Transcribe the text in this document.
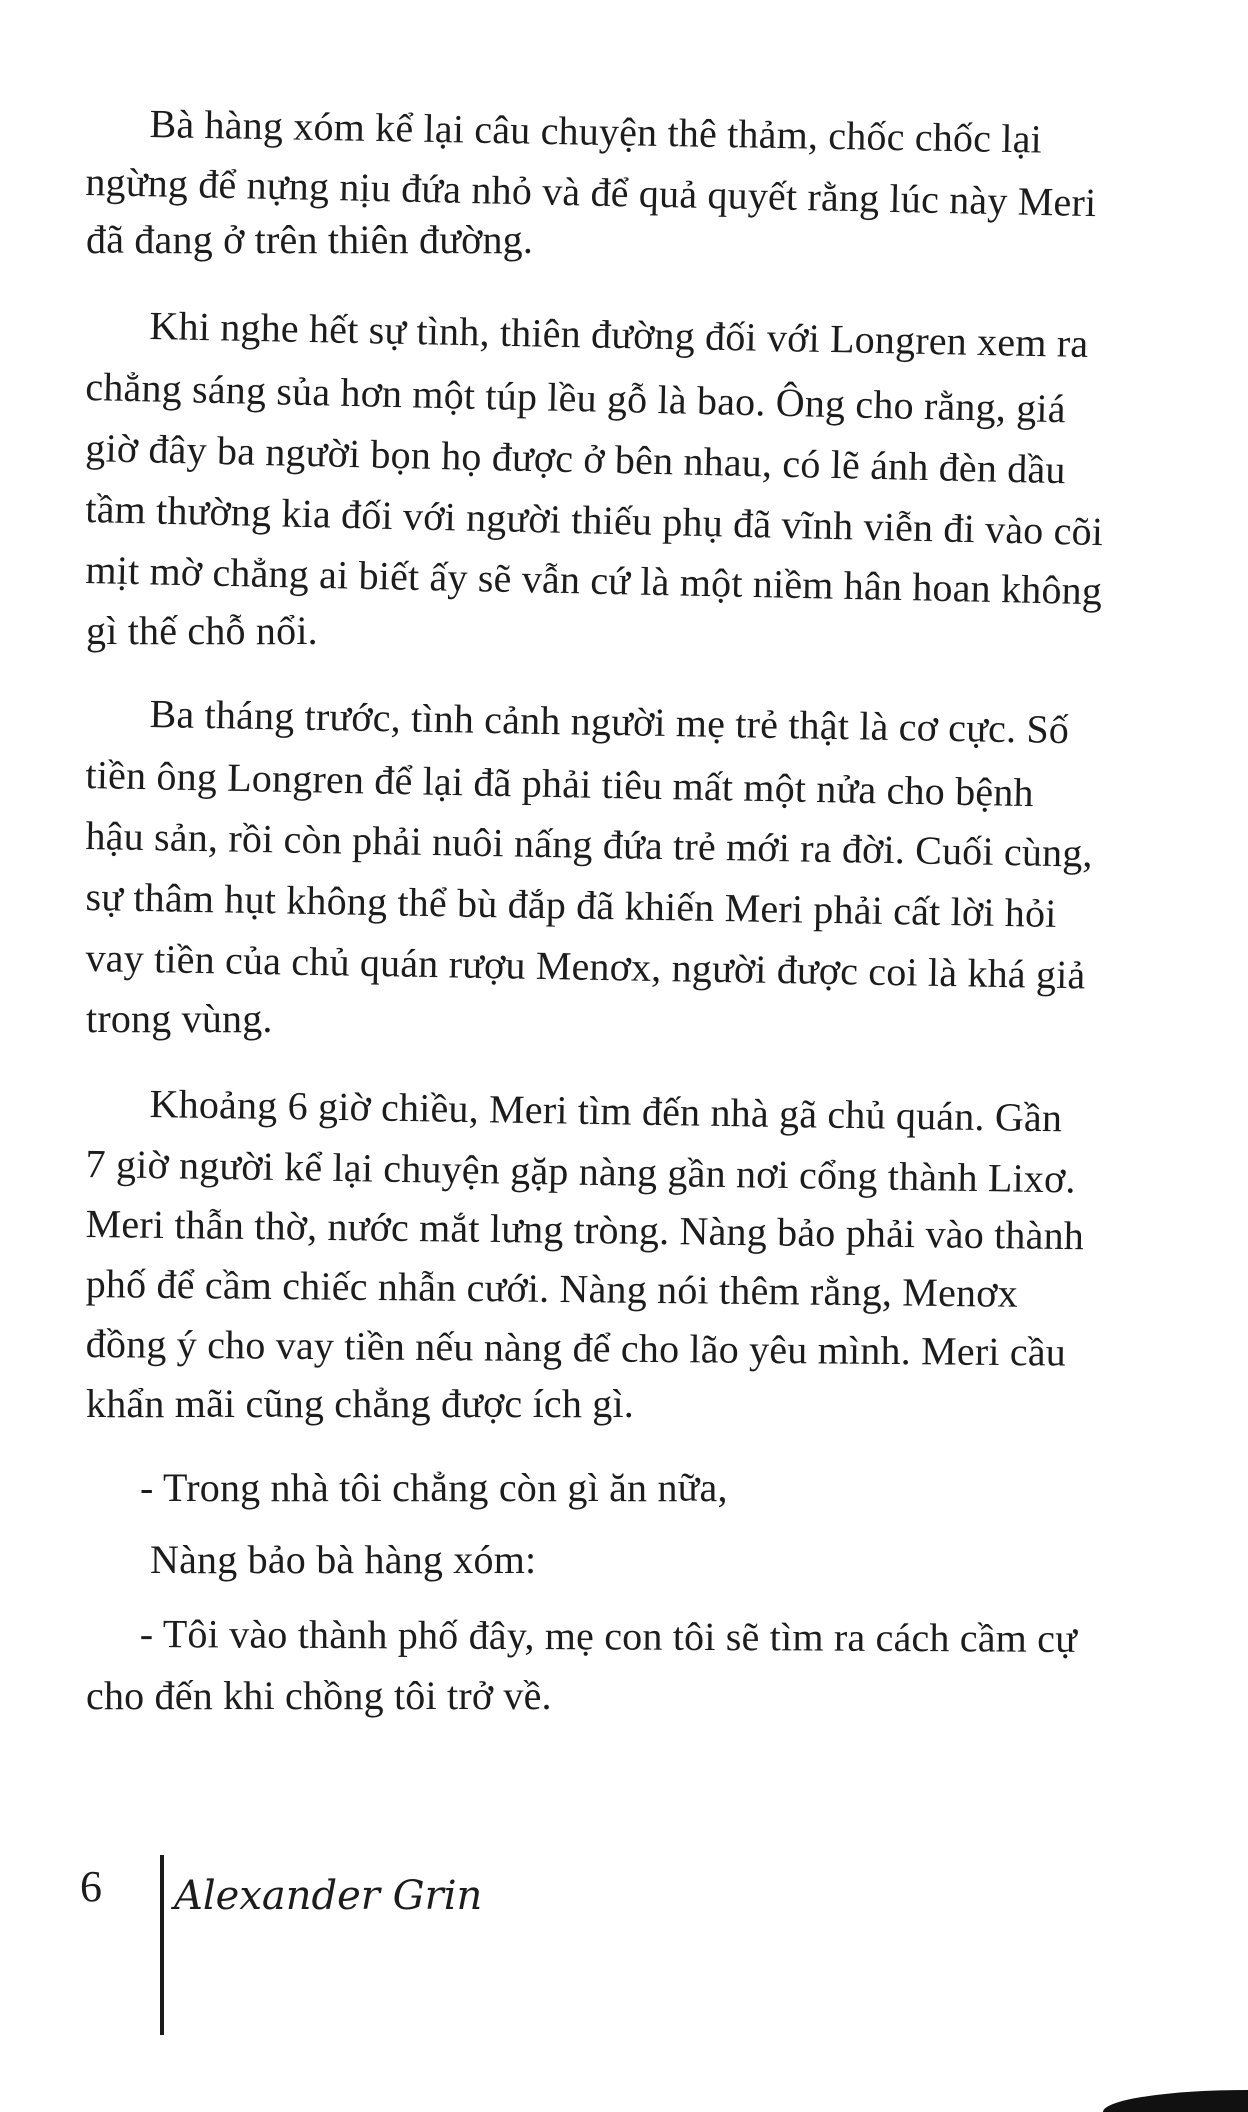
Bà hàng xóm kể lại câu chuyện thê thảm, chốc chốc lại
ngừng để nựng nịu đứa nhỏ và để quả quyết rằng lúc này Meri
đã đang ở trên thiên đường.
Khi nghe hết sự tình, thiên đường đối với Longren xem ra
chẳng sáng sủa hơn một túp lều gỗ là bao. Ông cho rằng, giá
giờ đây ba người bọn họ được ở bên nhau, có lẽ ánh đèn dầu
tầm thường kia đối với người thiếu phụ đã vĩnh viễn đi vào cõi
mịt mờ chẳng ai biết ấy sẽ vẫn cứ là một niềm hân hoan không
gì thế chỗ nổi.
Ba tháng trước, tình cảnh người mẹ trẻ thật là cơ cực. Số
tiền ông Longren để lại đã phải tiêu mất một nửa cho bệnh
hậu sản, rồi còn phải nuôi nấng đứa trẻ mới ra đời. Cuối cùng,
sự thâm hụt không thể bù đắp đã khiến Meri phải cất lời hỏi
vay tiền của chủ quán rượu Menơx, người được coi là khá giả
trong vùng.
Khoảng 6 giờ chiều, Meri tìm đến nhà gã chủ quán. Gần
7 giờ người kể lại chuyện gặp nàng gần nơi cổng thành Lixơ.
Meri thẫn thờ, nước mắt lưng tròng. Nàng bảo phải vào thành
phố để cầm chiếc nhẫn cưới. Nàng nói thêm rằng, Menơx
đồng ý cho vay tiền nếu nàng để cho lão yêu mình. Meri cầu
khẩn mãi cũng chẳng được ích gì.
- Trong nhà tôi chẳng còn gì ăn nữa,
Nàng bảo bà hàng xóm:
- Tôi vào thành phố đây, mẹ con tôi sẽ tìm ra cách cầm cự
cho đến khi chồng tôi trở về.
6 Alexander Grin
